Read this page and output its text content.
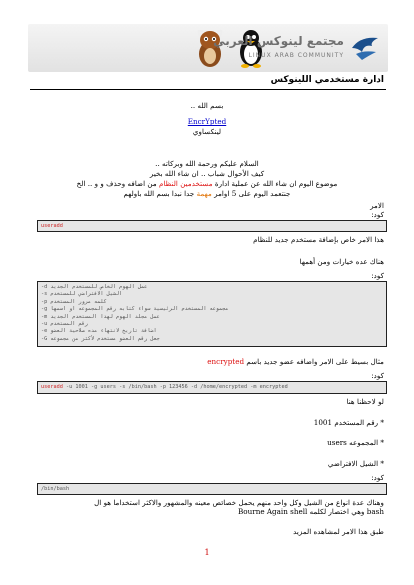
مجتمع لينوكس العربي
LINUX ARAB COMMUNITY
ادارة مستخدمي اللينوكس
بسم الله ..
EncrYpted
لينكساوي
السلام عليكم ورحمة الله وبركاته ..
كيف الأحوال شباب .. ان شاء الله بخير
موضوع اليوم ان شاء الله عن عملية ادارة مستخدمين النظام من اضافه وحذف و و .. الخ
جنتعمد اليوم على 5 اوامر مهمة جدا نبدا بسم الله باولهم
الامر
كود:
useradd
هذا الامر خاص بإضافة مستخدم جديد للنظام
هناك عده خيارات ومن أهمها
كود:
-d عمل الهوم الخاص للمستخدم الجديد
-s الشيل الافتراضي للمستخدم
-p كلمه مرور المستخدم
-g مجموعه المستخدم الرئيسية سواء كتابه رقم المجموعه او اسمها
-m عمل مجلد الهوم لهذا المستخدم الجديد
-u رقم المستخدم
-e اضافة تاريخ لانتهاء مده صلاحية العضو
-G جعل رقم العضو مستخدم لأكثر من مجموعه
مثال بسيط على الامر واضافه عضو جديد باسم encrypted
كود:
useradd -u 1001 -g users -s /bin/bash -p 123456 -d /home/encrypted -m encrypted
لو لاحظنا هنا
* رقم المستخدم 1001
* المجموعه users
* الشيل الافتراضي
كود:
/bin/bash
وهناك عدة انواع من الشيل وكل واحد منهم يحمل خصائص معينه والمشهور والاكثر استخداما هو ال
bash وهي اختصار لكلمه Bourne Again shell
طبق هذا الامر لمشاهده المزيد
1
